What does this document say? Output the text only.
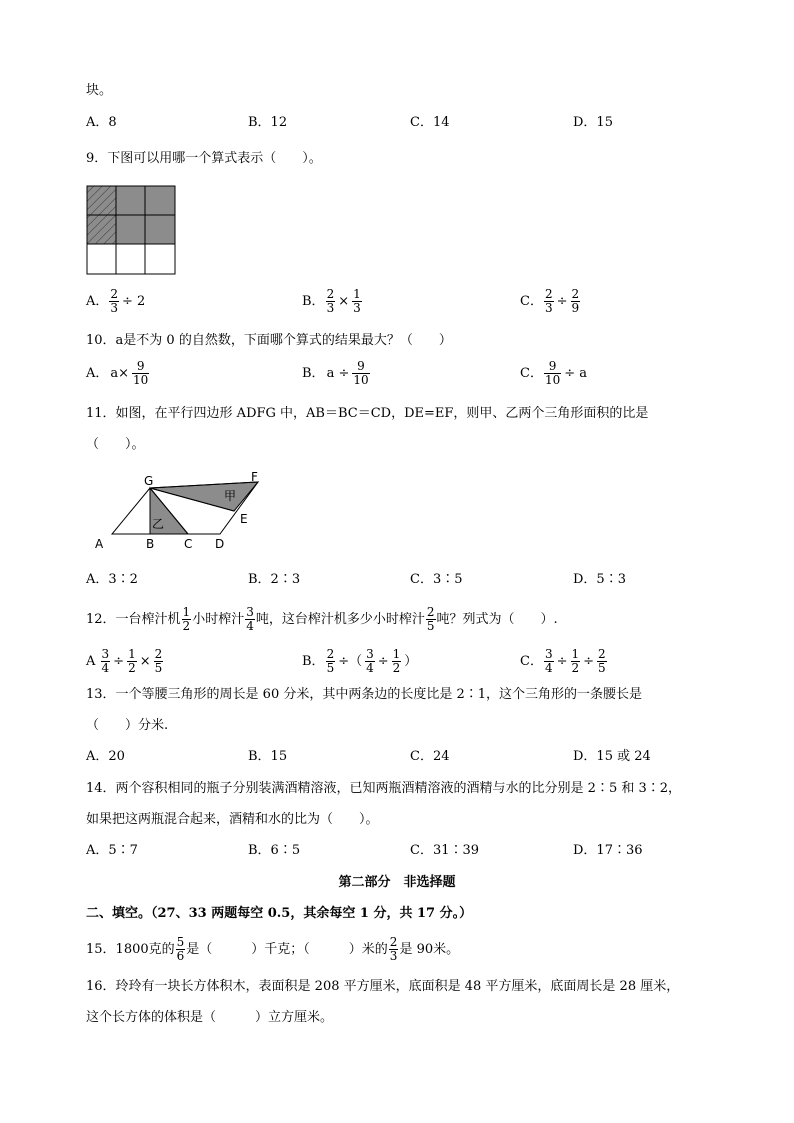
块。
A．8	B．12	C．14	D．15
9．下图可以用哪一个算式表示（　　）。
A． $\frac{2}{3} \div 2$	B． $\frac{2}{3} \times \frac{1}{3}$	C． $\frac{2}{3} \div \frac{2}{9}$
10．a是不为 0 的自然数，下面哪个算式的结果最大？（　　）
A． $a\times \frac{9}{10}$	B． $a \div \frac{9}{10}$	C． $\frac{9}{10} \div a$
11．如图，在平行四边形 ADFG 中，AB＝BC＝CD，DE=EF，则甲、乙两个三角形面积的比是
（　　）。
G	F
E
A	B C D
甲
乙
A．3∶2	B．2∶3	C．3∶5	D．5∶3
12．一台榨汁机 $\frac{1}{2}$ 小时榨汁 $\frac{3}{4}$ 吨，这台榨汁机多少小时榨汁 $\frac{2}{5}$ 吨？列式为（　　）.
A $\frac{3}{4} \div \frac{1}{2} \times \frac{2}{5}$	B． $\frac{2}{5}$ ÷（ $\frac{3}{4} \div \frac{1}{2}$ ）	C． $\frac{3}{4} \div \frac{1}{2} \div \frac{2}{5}$
13．一个等腰三角形的周长是 60 分米，其中两条边的长度比是 2∶1，这个三角形的一条腰长是
（　　）分米.
A．20	B．15	C．24	D．15 或 24
14．两个容积相同的瓶子分别装满酒精溶液，已知两瓶酒精溶液的酒精与水的比分别是 2∶5 和 3∶2，
如果把这两瓶混合起来，酒精和水的比为（　　）。
A．5∶7	B．6∶5	C．31∶39	D．17∶36
第二部分　非选择题
二、填空。（27、33 两题每空 0.5，其余每空 1 分，共 17 分。）
15．1800克的 $\frac{5}{6}$ 是（　　　）千克；（　　　）米的 $\frac{2}{3}$ 是 90米。
16．玲玲有一块长方体积木，表面积是 208 平方厘米，底面积是 48 平方厘米，底面周长是 28 厘米，
这个长方体的体积是（　　　）立方厘米。
